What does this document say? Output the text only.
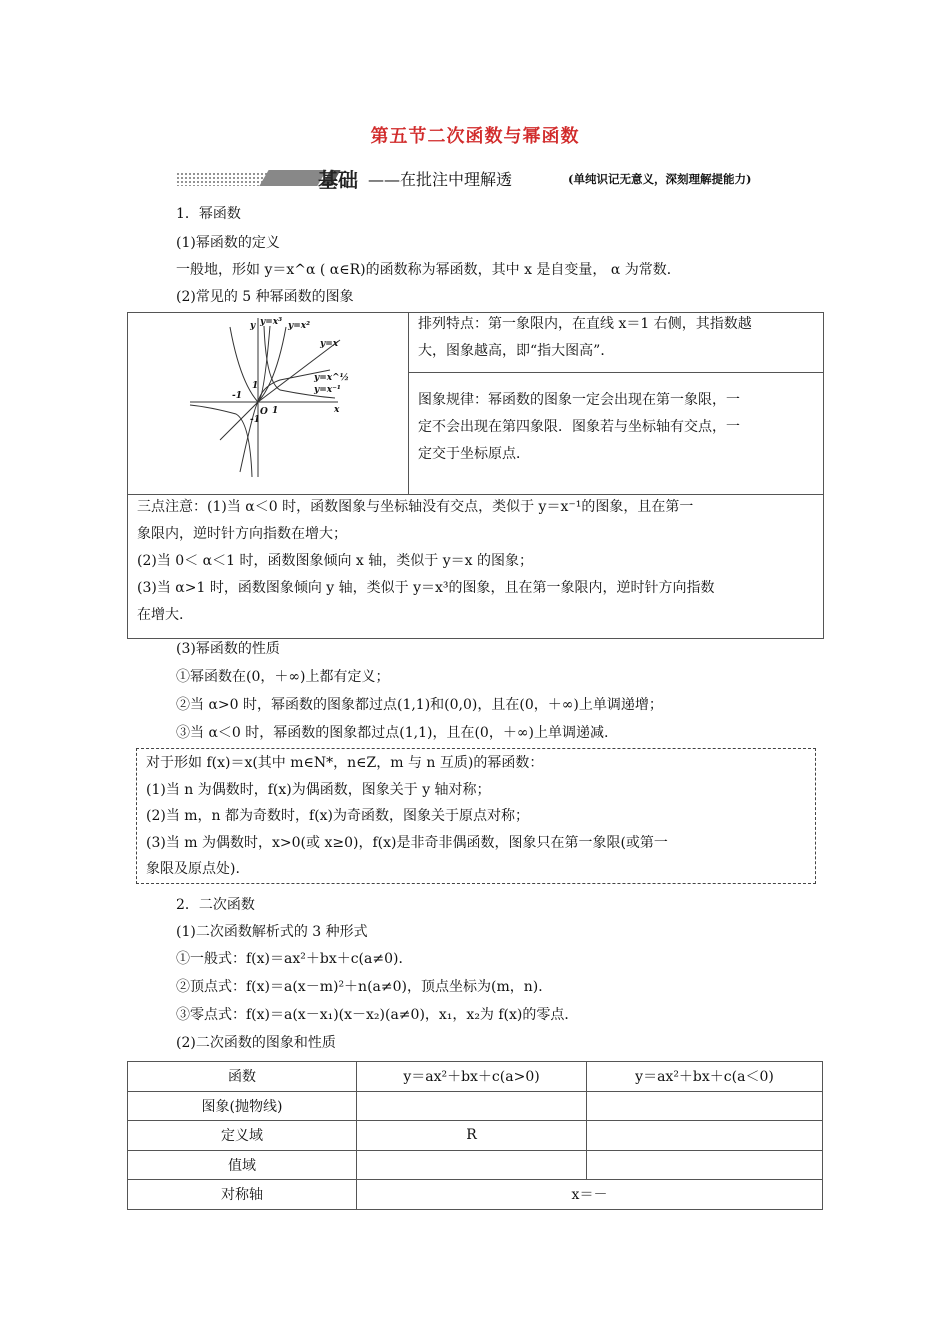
第五节二次函数与幂函数
基础 ——在批注中理解透	(单纯识记无意义，深刻理解提能力)
1．幂函数
(1)幂函数的定义
一般地，形如 y＝x^α ( α∈R)的函数称为幂函数，其中 x 是自变量， α 为常数．
(2)常见的 5 种幂函数的图象
y=x³ y=x²
y=x
y=x^½
y=x⁻¹
O 1
-1
1
-1
x
y	排列特点：第一象限内，在直线 x＝1 右侧，其指数越
大，图象越高，即“指大图高”．
图象规律：幂函数的图象一定会出现在第一象限，一
定不会出现在第四象限．图象若与坐标轴有交点，一
定交于坐标原点．
三点注意：(1)当 α＜0 时，函数图象与坐标轴没有交点，类似于 y＝x⁻¹的图象，且在第一
象限内，逆时针方向指数在增大；
(2)当 0＜ α＜1 时，函数图象倾向 x 轴，类似于 y＝x 的图象；
(3)当 α>1 时，函数图象倾向 y 轴，类似于 y＝x³的图象，且在第一象限内，逆时针方向指数
在增大.
(3)幂函数的性质
①幂函数在(0，＋∞)上都有定义；
②当 α>0 时，幂函数的图象都过点(1,1)和(0,0)，且在(0，＋∞)上单调递增；
③当 α＜0 时，幂函数的图象都过点(1,1)，且在(0，＋∞)上单调递减.
对于形如 f(x)＝x(其中 m∈N*，n∈Z，m 与 n 互质)的幂函数：
(1)当 n 为偶数时，f(x)为偶函数，图象关于 y 轴对称；
(2)当 m，n 都为奇数时，f(x)为奇函数，图象关于原点对称；
(3)当 m 为偶数时，x>0(或 x≥0)，f(x)是非奇非偶函数，图象只在第一象限(或第一
象限及原点处).
2．二次函数
(1)二次函数解析式的 3 种形式
①一般式：f(x)＝ax²＋bx＋c(a≠0)．
②顶点式：f(x)＝a(x－m)²＋n(a≠0)，顶点坐标为(m，n)．
③零点式：f(x)＝a(x－x₁)(x－x₂)(a≠0)，x₁，x₂为 f(x)的零点．
(2)二次函数的图象和性质
函数	y＝ax²＋bx＋c(a>0)	y＝ax²＋bx＋c(a＜0)
图象(抛物线)		
定义域	R	
值域		
对称轴	x＝－	
